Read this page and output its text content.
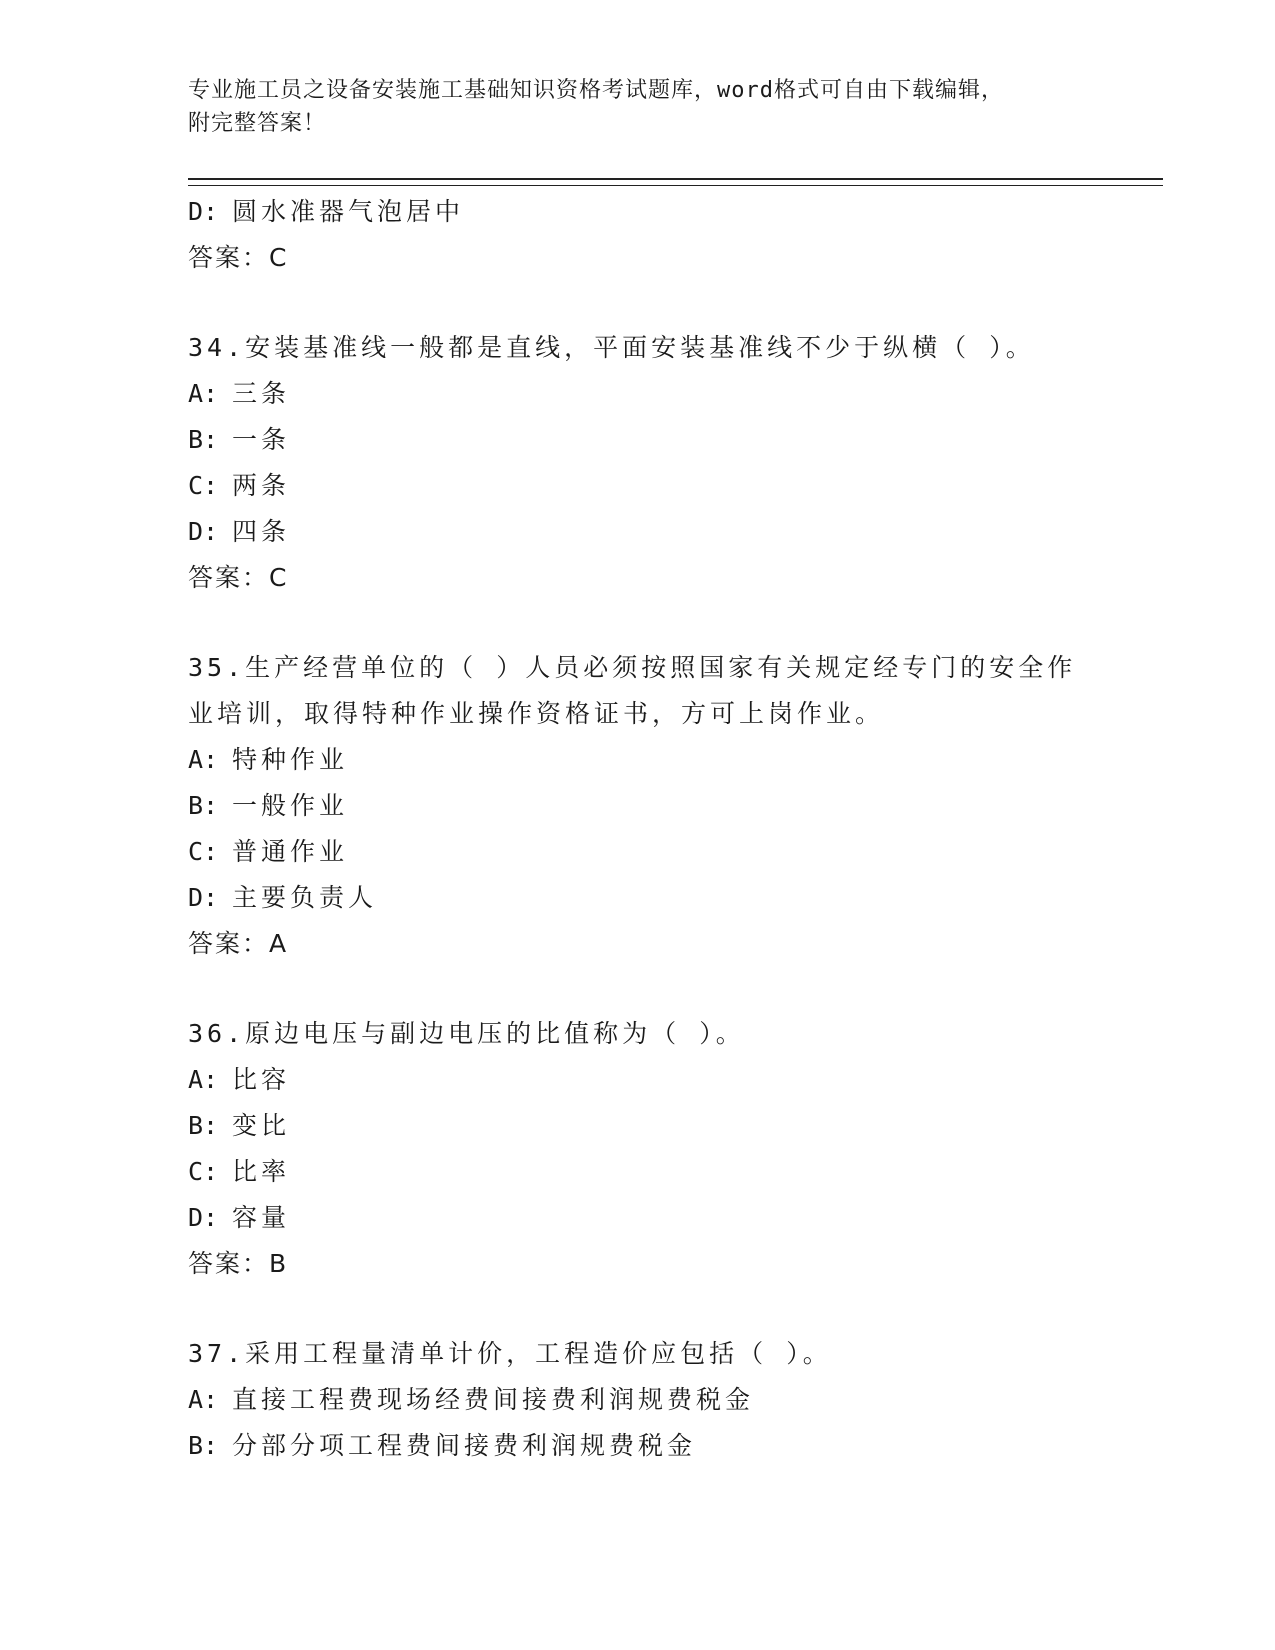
专业施工员之设备安装施工基础知识资格考试题库，word格式可自由下载编辑，
附完整答案！
D: 圆水准器气泡居中
答案：C
34.安装基准线一般都是直线，平面安装基准线不少于纵横（ ）。
A: 三条
B: 一条
C: 两条
D: 四条
答案：C
35.生产经营单位的（ ）人员必须按照国家有关规定经专门的安全作
业培训，取得特种作业操作资格证书，方可上岗作业。
A: 特种作业
B: 一般作业
C: 普通作业
D: 主要负责人
答案：A
36.原边电压与副边电压的比值称为（ ）。
A: 比容
B: 变比
C: 比率
D: 容量
答案：B
37.采用工程量清单计价，工程造价应包括（ ）。
A: 直接工程费现场经费间接费利润规费税金
B: 分部分项工程费间接费利润规费税金
